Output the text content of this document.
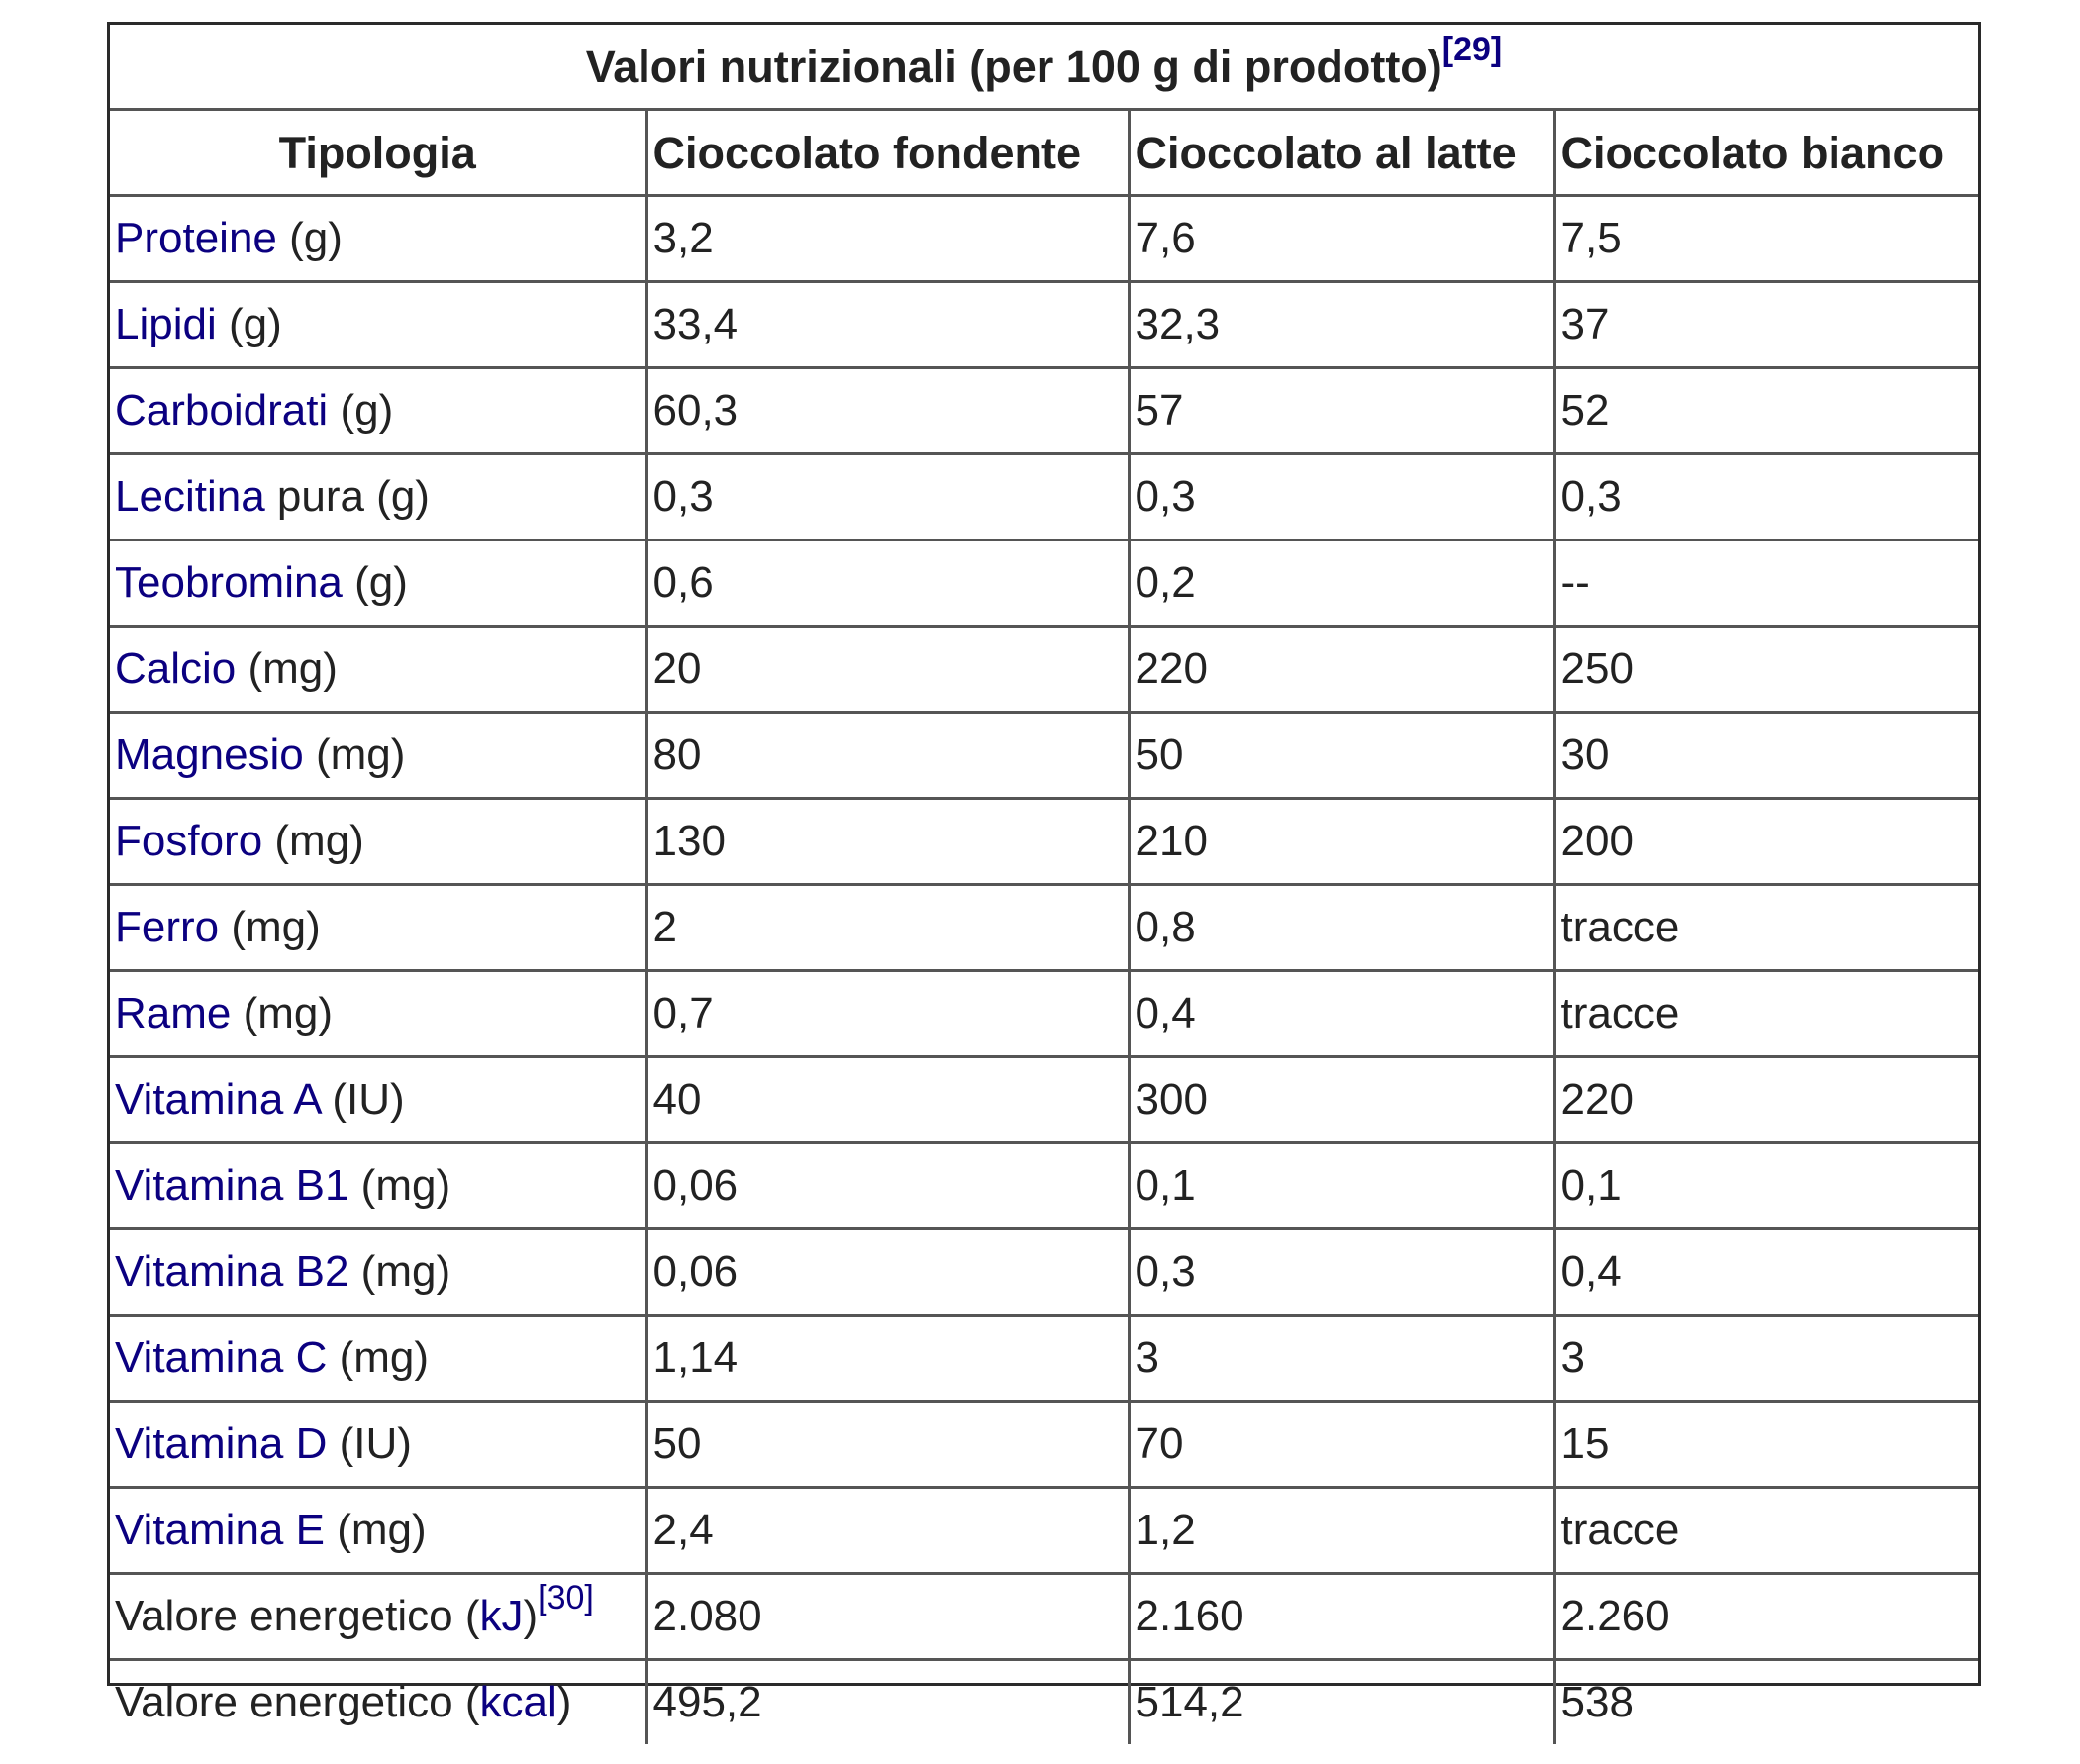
Valori nutrizionali (per 100 g di prodotto)[29]
Tipologia	Cioccolato fondente	Cioccolato al latte	Cioccolato bianco
Proteine (g)	3,2	7,6	7,5
Lipidi (g)	33,4	32,3	37
Carboidrati (g)	60,3	57	52
Lecitina pura (g)	0,3	0,3	0,3
Teobromina (g)	0,6	0,2	--
Calcio (mg)	20	220	250
Magnesio (mg)	80	50	30
Fosforo (mg)	130	210	200
Ferro (mg)	2	0,8	tracce
Rame (mg)	0,7	0,4	tracce
Vitamina A (IU)	40	300	220
Vitamina B1 (mg)	0,06	0,1	0,1
Vitamina B2 (mg)	0,06	0,3	0,4
Vitamina C (mg)	1,14	3	3
Vitamina D (IU)	50	70	15
Vitamina E (mg)	2,4	1,2	tracce
Valore energetico (kJ)[30]	2.080	2.160	2.260
Valore energetico (kcal)	495,2	514,2	538
